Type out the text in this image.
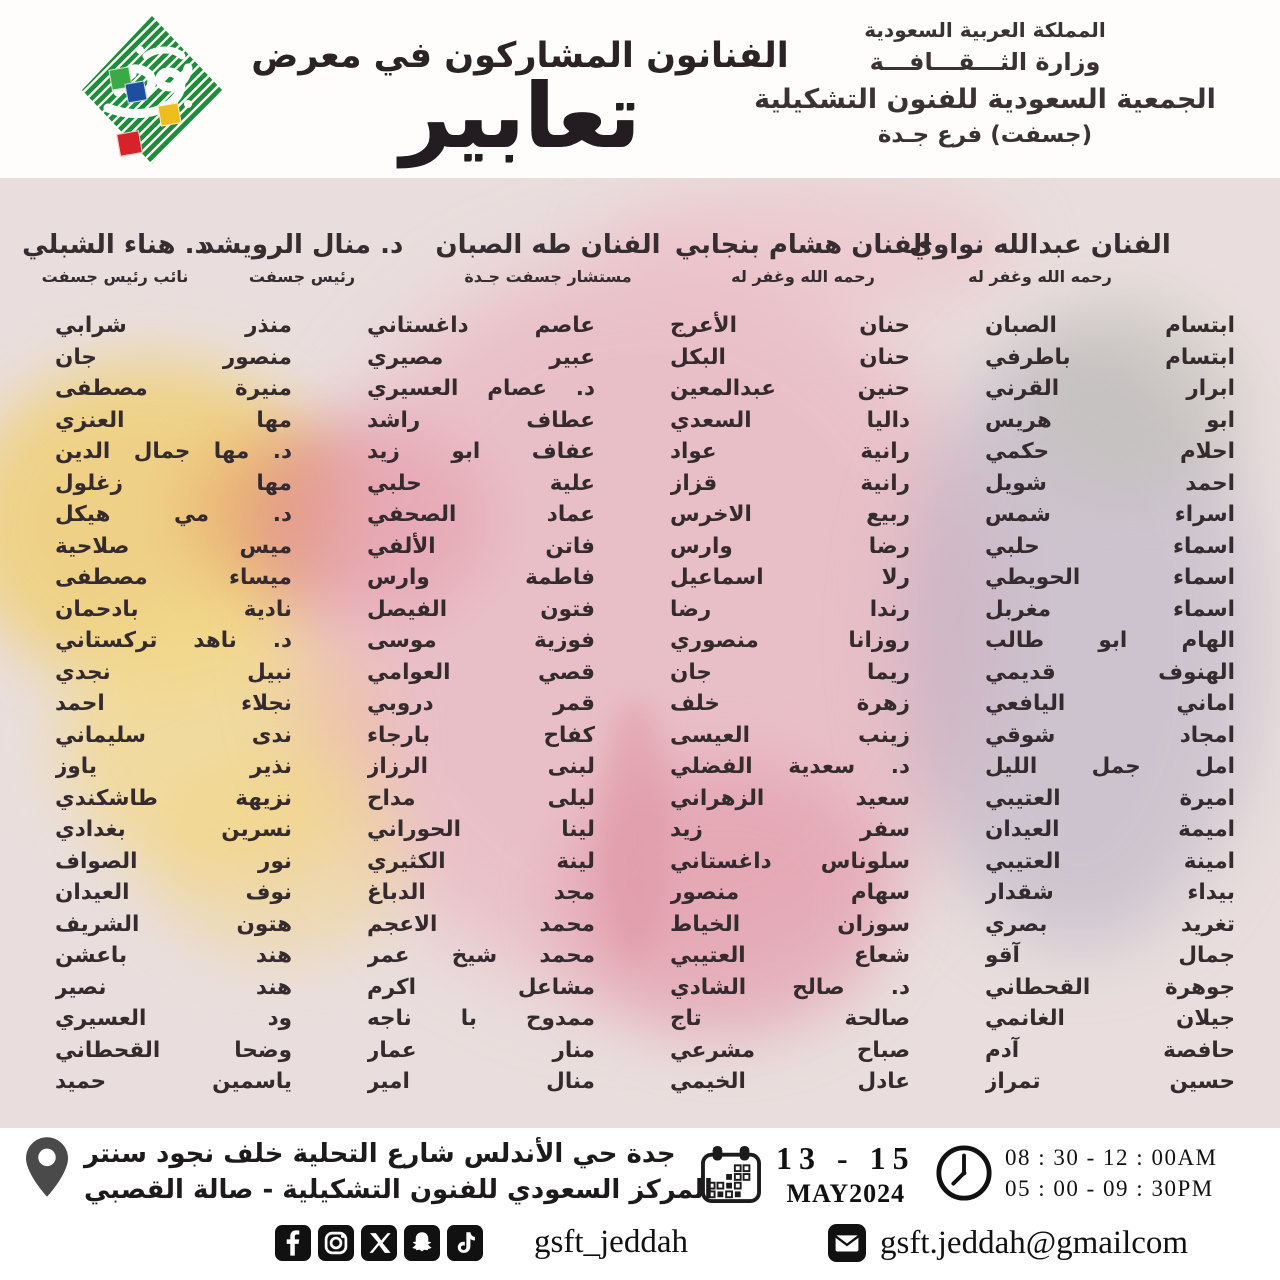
الفنانون المشاركون في معرض
تعابير
المملكة العربية السعودية
وزارة الثـــقـــافـــة
الجمعية السعودية للفنون التشكيلية
(جسفت) فرع جـدة
الفنان عبدالله نواوي
رحمه الله وغفر له
الفنان هشام بنجابي
رحمه الله وغفر له
الفنان طه الصبان
مستشار جسفت جـدة
د. منال الرويشد
رئيس جسفت
د. هناء الشبلي
نائب رئيس جسفت
ابتسام الصبان
ابتسام باطرفي
ابرار القرني
ابو هريس
احلام حكمي
احمد شويل
اسراء شمس
اسماء حلبي
اسماء الحويطي
اسماء مغربل
الهام ابو طالب
الهنوف قديمي
اماني اليافعي
امجاد شوقي
امل جمل الليل
اميرة العتيبي
اميمة العيدان
امينة العتيبي
بيداء شقدار
تغريد بصري
جمال آقو
جوهرة القحطاني
جيلان الغانمي
حافصة آدم
حسين تمراز
حنان الأعرج
حنان البكل
حنين عبدالمعين
داليا السعدي
رانية عواد
رانية قزاز
ربيع الاخرس
رضا وارس
رلا اسماعيل
رندا رضا
روزانا منصوري
ريما جان
زهرة خلف
زينب العيسى
د. سعدية الفضلي
سعيد الزهراني
سفر زيد
سلوناس داغستاني
سهام منصور
سوزان الخياط
شعاع العتيبي
د. صالح الشادي
صالحة تاج
صباح مشرعي
عادل الخيمي
عاصم داغستاني
عبير مصيري
د. عصام العسيري
عطاف راشد
عفاف ابو زيد
علية حلبي
عماد الصحفي
فاتن الألفي
فاطمة وارس
فتون الفيصل
فوزية موسى
قصي العوامي
قمر دروبي
كفاح بارجاء
لبنى الرزاز
ليلى مداح
لينا الحوراني
لينة الكثيري
مجد الدباغ
محمد الاعجم
محمد شيخ عمر
مشاعل اكرم
ممدوح با ناجه
منار عمار
منال امير
منذر شرابي
منصور جان
منيرة مصطفى
مها العنزي
د. مها جمال الدين
مها زغلول
د. مي هيكل
ميس صلاحية
ميساء مصطفى
نادية بادحمان
د. ناهد تركستاني
نبيل نجدي
نجلاء احمد
ندى سليماني
نذير ياوز
نزيهة طاشكندي
نسرين بغدادي
نور الصواف
نوف العيدان
هتون الشريف
هند باعشن
هند نصير
ود العسيري
وضحا القحطاني
ياسمين حميد
جدة حي الأندلس شارع التحلية خلف نجود سنتر
المركز السعودي للفنون التشكيلية - صالة القصبي
13 - 15
MAY2024
08 : 30 - 12 : 00AM
05 : 00 - 09 : 30PM
gsft_jeddah	gsft.jeddah@gmailcom
